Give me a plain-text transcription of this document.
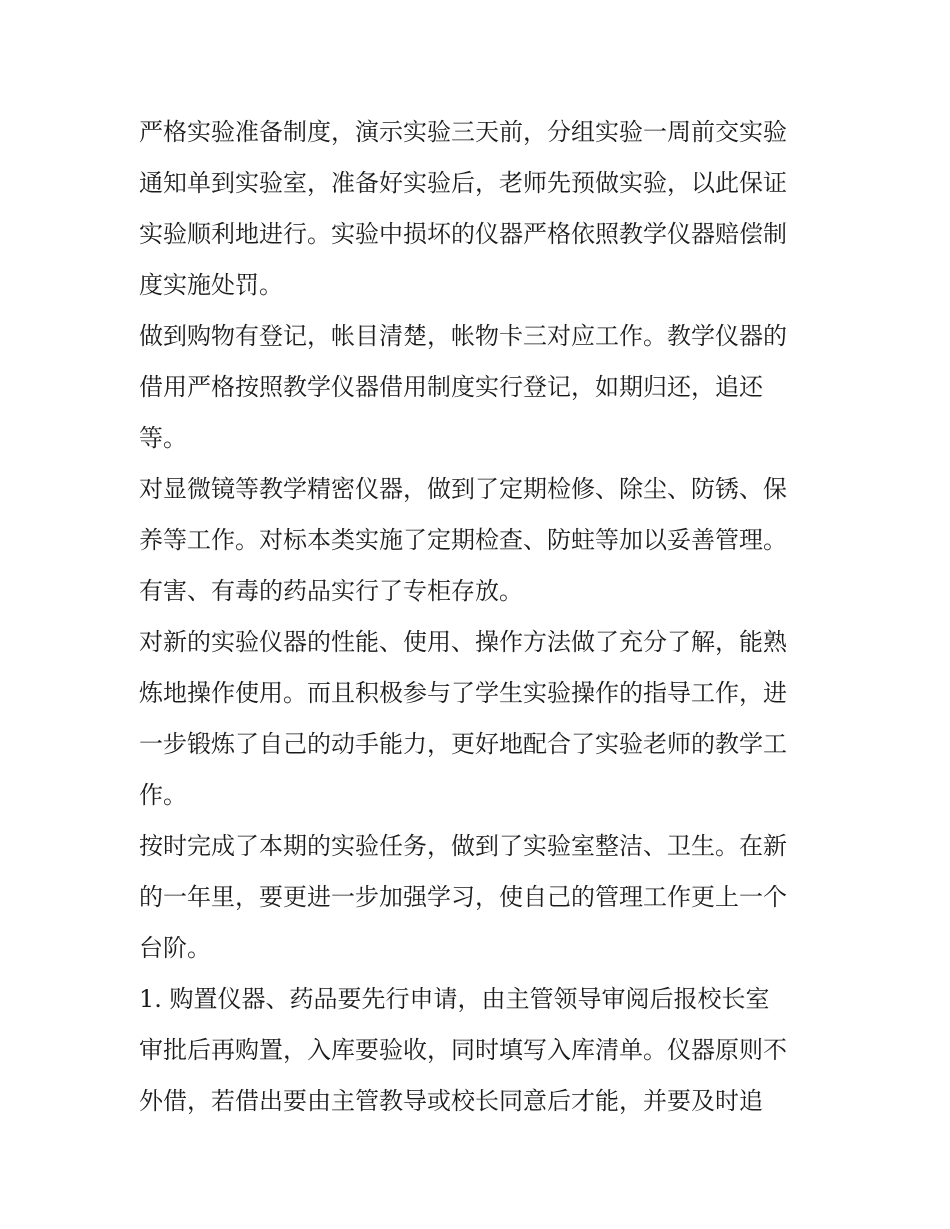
严格实验准备制度，演示实验三天前，分组实验一周前交实验
通知单到实验室，准备好实验后，老师先预做实验，以此保证
实验顺利地进行。实验中损坏的仪器严格依照教学仪器赔偿制
度实施处罚。

做到购物有登记，帐目清楚，帐物卡三对应工作。教学仪器的
借用严格按照教学仪器借用制度实行登记，如期归还，追还
等。

对显微镜等教学精密仪器，做到了定期检修、除尘、防锈、保
养等工作。对标本类实施了定期检查、防蛀等加以妥善管理。
有害、有毒的药品实行了专柜存放。

对新的实验仪器的性能、使用、操作方法做了充分了解，能熟
炼地操作使用。而且积极参与了学生实验操作的指导工作，进
一步锻炼了自己的动手能力，更好地配合了实验老师的教学工
作。

按时完成了本期的实验任务，做到了实验室整洁、卫生。在新
的一年里，要更进一步加强学习，使自己的管理工作更上一个
台阶。

1. 购置仪器、药品要先行申请，由主管领导审阅后报校长室
审批后再购置，入库要验收，同时填写入库清单。仪器原则不
外借，若借出要由主管教导或校长同意后才能，并要及时追
